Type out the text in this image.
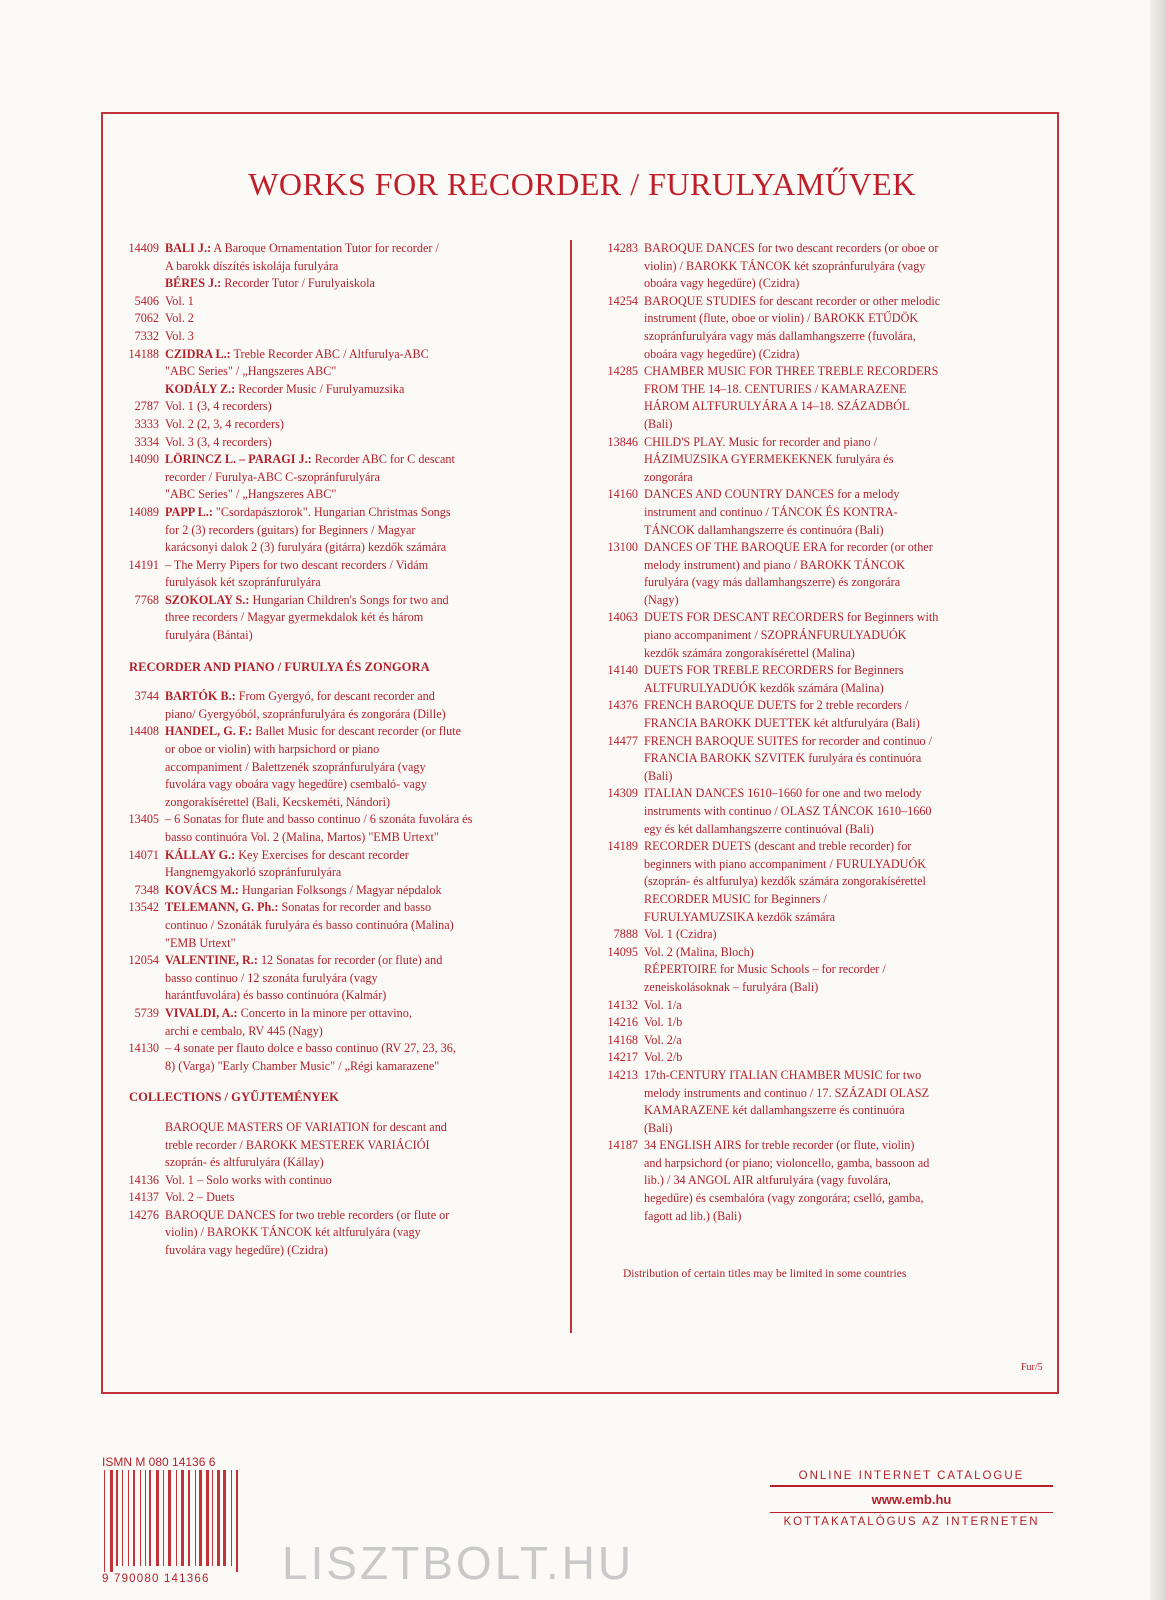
WORKS FOR RECORDER / FURULYAMŰVEK
14409 BALI J.: A Baroque Ornamentation Tutor for recorder /
A barokk díszítés iskolája furulyára
BÉRES J.: Recorder Tutor / Furulyaiskola
5406 Vol. 1
7062 Vol. 2
7332 Vol. 3
14188 CZIDRA L.: Treble Recorder ABC / Altfurulya-ABC
"ABC Series" / „Hangszeres ABC"
KODÁLY Z.: Recorder Music / Furulyamuzsika
2787 Vol. 1 (3, 4 recorders)
3333 Vol. 2 (2, 3, 4 recorders)
3334 Vol. 3 (3, 4 recorders)
14090 LÖRINCZ L. – PARAGI J.: Recorder ABC for C descant
recorder / Furulya-ABC C-szopránfurulyára
"ABC Series" / „Hangszeres ABC"
14089 PAPP L.: "Csordapásztorok". Hungarian Christmas Songs
for 2 (3) recorders (guitars) for Beginners / Magyar
karácsonyi dalok 2 (3) furulyára (gitárra) kezdők számára
14191 – The Merry Pipers for two descant recorders / Vidám
furulyások két szopránfurulyára
7768 SZOKOLAY S.: Hungarian Children's Songs for two and
three recorders / Magyar gyermekdalok két és három
furulyára (Bántai)
RECORDER AND PIANO / FURULYA ÉS ZONGORA
3744 BARTÓK B.: From Gyergyó, for descant recorder and
piano/ Gyergyóból, szopránfurulyára és zongorára (Dille)
14408 HANDEL, G. F.: Ballet Music for descant recorder (or flute
or oboe or violin) with harpsichord or piano
accompaniment / Balettzenék szopránfurulyára (vagy
fuvolára vagy oboára vagy hegedűre) csembaló- vagy
zongorakísérettel (Bali, Kecskeméti, Nándori)
13405 – 6 Sonatas for flute and basso continuo / 6 szonáta fuvolára és
basso continuóra Vol. 2 (Malina, Martos) "EMB Urtext"
14071 KÁLLAY G.: Key Exercises for descant recorder
Hangnemgyakorló szopránfurulyára
7348 KOVÁCS M.: Hungarian Folksongs / Magyar népdalok
13542 TELEMANN, G. Ph.: Sonatas for recorder and basso
continuo / Szonáták furulyára és basso continuóra (Malina)
"EMB Urtext"
12054 VALENTINE, R.: 12 Sonatas for recorder (or flute) and
basso continuo / 12 szonáta furulyára (vagy
harántfuvolára) és basso continuóra (Kalmár)
5739 VIVALDI, A.: Concerto in la minore per ottavino,
archi e cembalo, RV 445 (Nagy)
14130 – 4 sonate per flauto dolce e basso continuo (RV 27, 23, 36,
8) (Varga) "Early Chamber Music" / „Régi kamarazene"
COLLECTIONS / GYŰJTEMÉNYEK
BAROQUE MASTERS OF VARIATION for descant and
treble recorder / BAROKK MESTEREK VARIÁCIÓI
szoprán- és altfurulyára (Kállay)
14136 Vol. 1 – Solo works with continuo
14137 Vol. 2 – Duets
14276 BAROQUE DANCES for two treble recorders (or flute or
violin) / BAROKK TÁNCOK két altfurulyára (vagy
fuvolára vagy hegedűre) (Czidra)
14283 BAROQUE DANCES for two descant recorders (or oboe or
violin) / BAROKK TÁNCOK két szopránfurulyára (vagy
oboára vagy hegedűre) (Czidra)
14254 BAROQUE STUDIES for descant recorder or other melodic
instrument (flute, oboe or violin) / BAROKK ETŰDÖK
szopránfurulyára vagy más dallamhangszerre (fuvolára,
oboára vagy hegedűre) (Czidra)
14285 CHAMBER MUSIC FOR THREE TREBLE RECORDERS
FROM THE 14–18. CENTURIES / KAMARAZENE
HÁROM ALTFURULYÁRA A 14–18. SZÁZADBÓL
(Bali)
13846 CHILD'S PLAY. Music for recorder and piano /
HÁZIMUZSIKA GYERMEKEKNEK furulyára és
zongorára
14160 DANCES AND COUNTRY DANCES for a melody
instrument and continuo / TÁNCOK ÉS KONTRA-
TÁNCOK dallamhangszerre és continuóra (Bali)
13100 DANCES OF THE BAROQUE ERA for recorder (or other
melody instrument) and piano / BAROKK TÁNCOK
furulyára (vagy más dallamhangszerre) és zongorára
(Nagy)
14063 DUETS FOR DESCANT RECORDERS for Beginners with
piano accompaniment / SZOPRÁNFURULYADUÓK
kezdők számára zongorakísérettel (Malina)
14140 DUETS FOR TREBLE RECORDERS for Beginners
ALTFURULYADUÓK kezdők számára (Malina)
14376 FRENCH BAROQUE DUETS for 2 treble recorders /
FRANCIA BAROKK DUETTEK két altfurulyára (Bali)
14477 FRENCH BAROQUE SUITES for recorder and continuo /
FRANCIA BAROKK SZVITEK furulyára és continuóra
(Bali)
14309 ITALIAN DANCES 1610–1660 for one and two melody
instruments with continuo / OLASZ TÁNCOK 1610–1660
egy és két dallamhangszerre continuóval (Bali)
14189 RECORDER DUETS (descant and treble recorder) for
beginners with piano accompaniment / FURULYADUÓK
(szoprán- és altfurulya) kezdők számára zongorakísérettel
RECORDER MUSIC for Beginners /
FURULYAMUZSIKA kezdők számára
7888 Vol. 1 (Czidra)
14095 Vol. 2 (Malina, Bloch)
RÉPERTOIRE for Music Schools – for recorder /
zeneiskolásoknak – furulyára (Bali)
14132 Vol. 1/a
14216 Vol. 1/b
14168 Vol. 2/a
14217 Vol. 2/b
14213 17th-CENTURY ITALIAN CHAMBER MUSIC for two
melody instruments and continuo / 17. SZÁZADI OLASZ
KAMARAZENE két dallamhangszerre és continuóra
(Bali)
14187 34 ENGLISH AIRS for treble recorder (or flute, violin)
and harpsichord (or piano; violoncello, gamba, bassoon ad
lib.) / 34 ANGOL AIR altfurulyára (vagy fuvolára,
hegedűre) és csembalóra (vagy zongorára; cselló, gamba,
fagott ad lib.) (Bali)
Distribution of certain titles may be limited in some countries
Fur/5
ISMN M 080 14136 6
9 790080 141366
ONLINE INTERNET CATALOGUE
www.emb.hu
KOTTAKATALÓGUS AZ INTERNETEN
LISZTBOLT.HU
